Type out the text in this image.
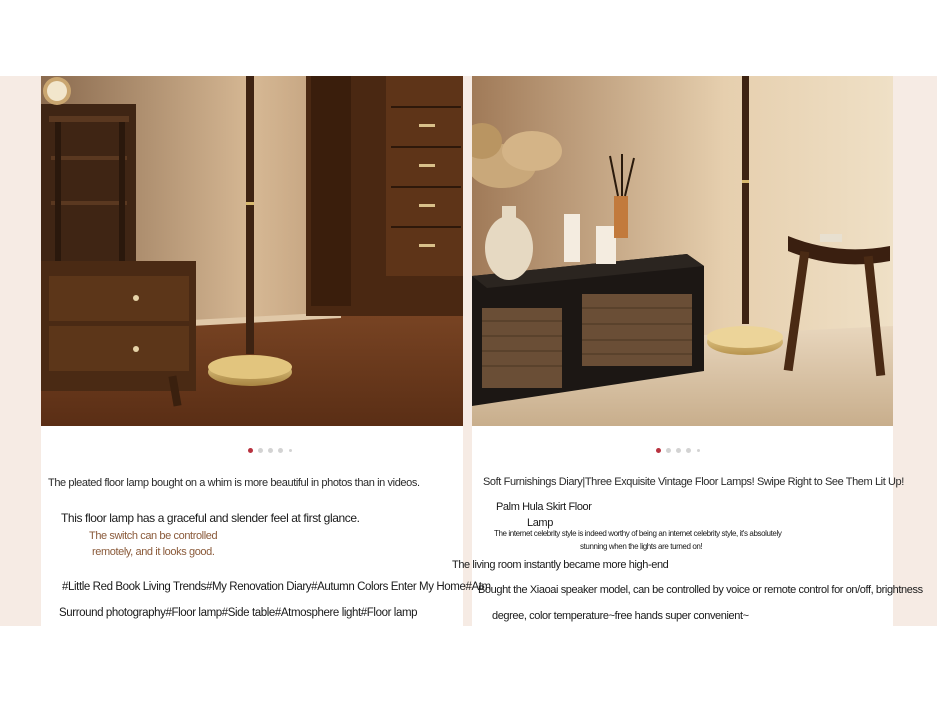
The pleated floor lamp bought on a whim is more beautiful in photos than in videos.
This floor lamp has a graceful and slender feel at first glance.
The switch can be controlled
remotely, and it looks good.
#Little Red Book Living Trends#My Renovation Diary#Autumn Colors Enter My Home#Atm
Surround photography#Floor lamp#Side table#Atmosphere light#Floor lamp
Soft Furnishings Diary|Three Exquisite Vintage Floor Lamps! Swipe Right to See Them Lit Up!
Palm Hula Skirt Floor
Lamp
The internet celebrity style is indeed worthy of being an internet celebrity style, it's absolutely
stunning when the lights are turned on!
The living room instantly became more high-end
Bought the Xiaoai speaker model, can be controlled by voice or remote control for on/off, brightness
degree, color temperature~free hands super convenient~
